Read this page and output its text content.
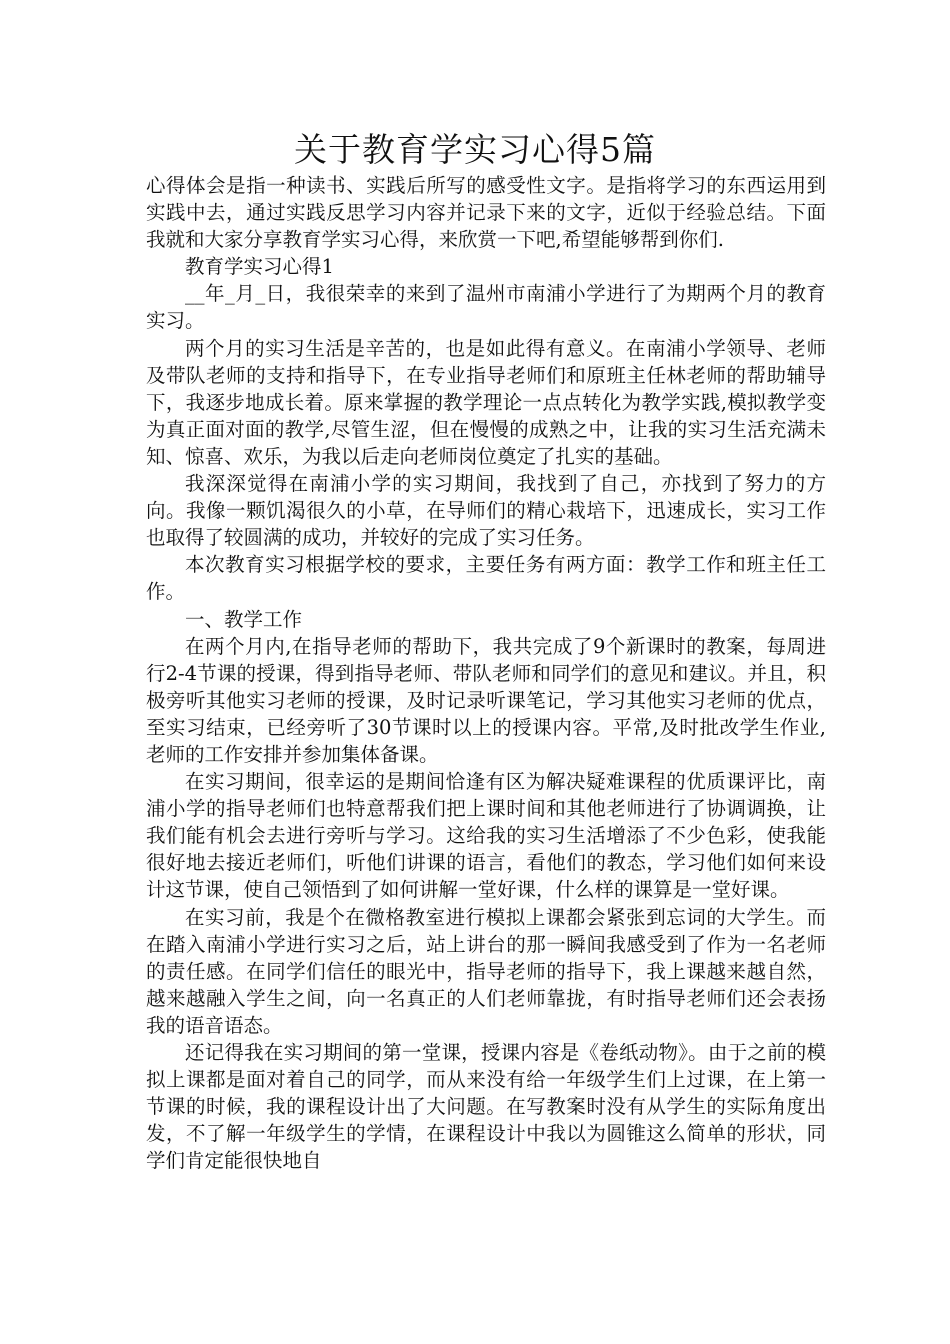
关于教育学实习心得5篇

心得体会是指一种读书、实践后所写的感受性文字。是指将学习的东西运用到实践中去，通过实践反思学习内容并记录下来的文字，近似于经验总结。下面我就和大家分享教育学实习心得，来欣赏一下吧,希望能够帮到你们.

教育学实习心得1

__年_月_日，我很荣幸的来到了温州市南浦小学进行了为期两个月的教育实习。

两个月的实习生活是辛苦的，也是如此得有意义。在南浦小学领导、老师及带队老师的支持和指导下，在专业指导老师们和原班主任林老师的帮助辅导下，我逐步地成长着。原来掌握的教学理论一点点转化为教学实践,模拟教学变为真正面对面的教学,尽管生涩，但在慢慢的成熟之中，让我的实习生活充满未知、惊喜、欢乐，为我以后走向老师岗位奠定了扎实的基础。

我深深觉得在南浦小学的实习期间，我找到了自己，亦找到了努力的方向。我像一颗饥渴很久的小草，在导师们的精心栽培下，迅速成长，实习工作也取得了较圆满的成功，并较好的完成了实习任务。

本次教育实习根据学校的要求，主要任务有两方面：教学工作和班主任工作。

一、教学工作

在两个月内,在指导老师的帮助下，我共完成了9个新课时的教案，每周进行2-4节课的授课，得到指导老师、带队老师和同学们的意见和建议。并且，积极旁听其他实习老师的授课，及时记录听课笔记，学习其他实习老师的优点，至实习结束，已经旁听了30节课时以上的授课内容。平常,及时批改学生作业,老师的工作安排并参加集体备课。

在实习期间，很幸运的是期间恰逢有区为解决疑难课程的优质课评比，南浦小学的指导老师们也特意帮我们把上课时间和其他老师进行了协调调换，让我们能有机会去进行旁听与学习。这给我的实习生活增添了不少色彩，使我能很好地去接近老师们，听他们讲课的语言，看他们的教态，学习他们如何来设计这节课，使自己领悟到了如何讲解一堂好课，什么样的课算是一堂好课。

在实习前，我是个在微格教室进行模拟上课都会紧张到忘词的大学生。而在踏入南浦小学进行实习之后，站上讲台的那一瞬间我感受到了作为一名老师的责任感。在同学们信任的眼光中，指导老师的指导下，我上课越来越自然，越来越融入学生之间，向一名真正的人们老师靠拢，有时指导老师们还会表扬我的语音语态。

还记得我在实习期间的第一堂课，授课内容是《卷纸动物》。由于之前的模拟上课都是面对着自己的同学，而从来没有给一年级学生们上过课，在上第一节课的时候，我的课程设计出了大问题。在写教案时没有从学生的实际角度出发，不了解一年级学生的学情，在课程设计中我以为圆锥这么简单的形状，同学们肯定能很快地自
